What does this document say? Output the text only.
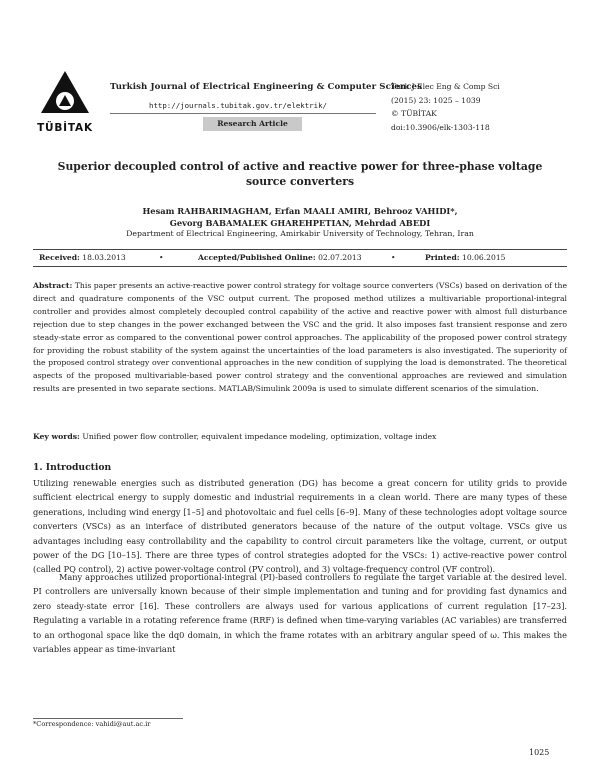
TÜBİTAK
Turkish Journal of Electrical Engineering & Computer Sciences
http://journals.tubitak.gov.tr/elektrik/
Research Article
Turk J Elec Eng & Comp Sci
(2015) 23: 1025 – 1039
© TÜBİTAK
doi:10.3906/elk-1303-118
Superior decoupled control of active and reactive power for three-phase voltage
source converters
Hesam RAHBARIMAGHAM, Erfan MAALI AMIRI, Behrooz VAHIDI*,
Gevorg BABAMALEK GHAREHPETIAN, Mehrdad ABEDI
Department of Electrical Engineering, Amirkabir University of Technology, Tehran, Iran
Received: 18.03.2013	•	Accepted/Published Online: 02.07.2013	•	Printed: 10.06.2015
Abstract: This paper presents an active-reactive power control strategy for voltage source converters (VSCs) based on derivation of the direct and quadrature components of the VSC output current. The proposed method utilizes a multivariable proportional-integral controller and provides almost completely decoupled control capability of the active and reactive power with almost full disturbance rejection due to step changes in the power exchanged between the VSC and the grid. It also imposes fast transient response and zero steady-state error as compared to the conventional power control approaches. The applicability of the proposed power control strategy for providing the robust stability of the system against the uncertainties of the load parameters is also investigated. The superiority of the proposed control strategy over conventional approaches in the new condition of supplying the load is demonstrated. The theoretical aspects of the proposed multivariable-based power control strategy and the conventional approaches are reviewed and simulation results are presented in two separate sections. MATLAB/Simulink 2009a is used to simulate different scenarios of the simulation.
Key words: Unified power flow controller, equivalent impedance modeling, optimization, voltage index
1. Introduction
Utilizing renewable energies such as distributed generation (DG) has become a great concern for utility grids to provide sufficient electrical energy to supply domestic and industrial requirements in a clean world. There are many types of these generations, including wind energy [1–5] and photovoltaic and fuel cells [6–9]. Many of these technologies adopt voltage source converters (VSCs) as an interface of distributed generators because of the nature of the output voltage. VSCs give us advantages including easy controllability and the capability to control circuit parameters like the voltage, current, or output power of the DG [10–15]. There are three types of control strategies adopted for the VSCs: 1) active-reactive power control (called PQ control), 2) active power-voltage control (PV control), and 3) voltage-frequency control (VF control).
Many approaches utilized proportional-integral (PI)-based controllers to regulate the target variable at the desired level. PI controllers are universally known because of their simple implementation and tuning and for providing fast dynamics and zero steady-state error [16]. These controllers are always used for various applications of current regulation [17–23]. Regulating a variable in a rotating reference frame (RRF) is defined when time-varying variables (AC variables) are transferred to an orthogonal space like the dq0 domain, in which the frame rotates with an arbitrary angular speed of ω. This makes the variables appear as time-invariant
*Correspondence: vahidi@aut.ac.ir
1025
